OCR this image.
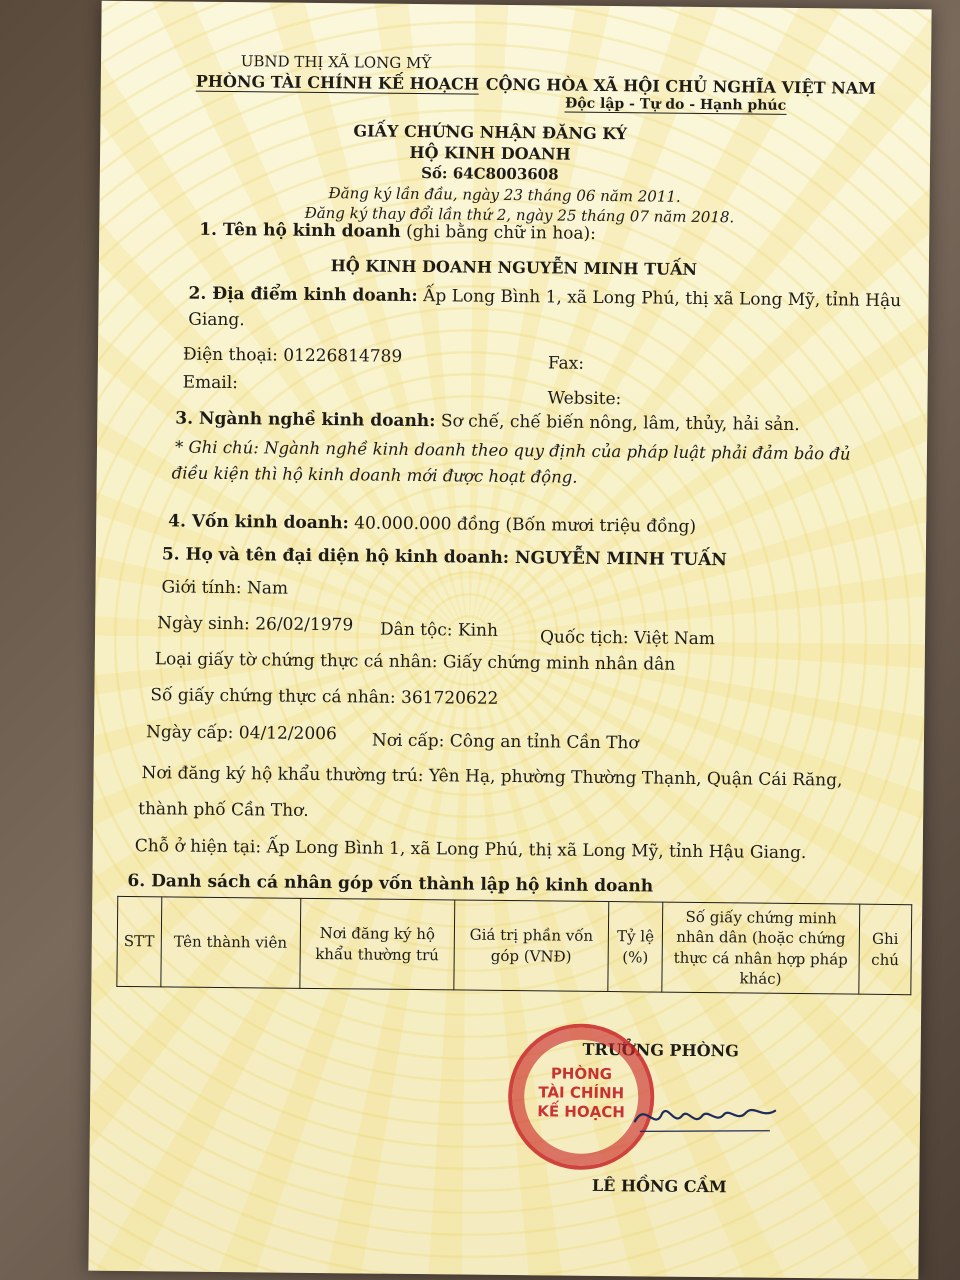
UBND THỊ XÃ LONG MỸ
PHÒNG TÀI CHÍNH KẾ HOẠCH CỘNG HÒA XÃ HỘI CHỦ NGHĨA VIỆT NAM
Độc lập - Tự do - Hạnh phúc
GIẤY CHỨNG NHẬN ĐĂNG KÝ
HỘ KINH DOANH
Số: 64C8003608
Đăng ký lần đầu, ngày 23 tháng 06 năm 2011.
Đăng ký thay đổi lần thứ 2, ngày 25 tháng 07 năm 2018.
1. Tên hộ kinh doanh (ghi bằng chữ in hoa):
HỘ KINH DOANH NGUYỄN MINH TUẤN
2. Địa điểm kinh doanh: Ấp Long Bình 1, xã Long Phú, thị xã Long Mỹ, tỉnh Hậu
Giang.
Điện thoại: 01226814789	Fax:
Email:
Website:
3. Ngành nghề kinh doanh: Sơ chế, chế biến nông, lâm, thủy, hải sản.
* Ghi chú: Ngành nghề kinh doanh theo quy định của pháp luật phải đảm bảo đủ
điều kiện thì hộ kinh doanh mới được hoạt động.
4. Vốn kinh doanh: 40.000.000 đồng (Bốn mươi triệu đồng)
5. Họ và tên đại diện hộ kinh doanh: NGUYỄN MINH TUẤN
Giới tính: Nam
Ngày sinh: 26/02/1979 Dân tộc: Kinh Quốc tịch: Việt Nam
Loại giấy tờ chứng thực cá nhân: Giấy chứng minh nhân dân
Số giấy chứng thực cá nhân: 361720622
Ngày cấp: 04/12/2006 Nơi cấp: Công an tỉnh Cần Thơ
Nơi đăng ký hộ khẩu thường trú: Yên Hạ, phường Thường Thạnh, Quận Cái Răng,
thành phố Cần Thơ.
Chỗ ở hiện tại: Ấp Long Bình 1, xã Long Phú, thị xã Long Mỹ, tỉnh Hậu Giang.
6. Danh sách cá nhân góp vốn thành lập hộ kinh doanh
STT	Tên thành viên	Nơi đăng ký hộ khẩu thường trú	Giá trị phần vốn góp (VNĐ)	Tỷ lệ (%)	Số giấy chứng minh nhân dân (hoặc chứng thực cá nhân hợp pháp khác)	Ghi chú
TRƯỞNG PHÒNG
PHÒNG
TÀI CHÍNH
KẾ HOẠCH
LÊ HỒNG CẦM
